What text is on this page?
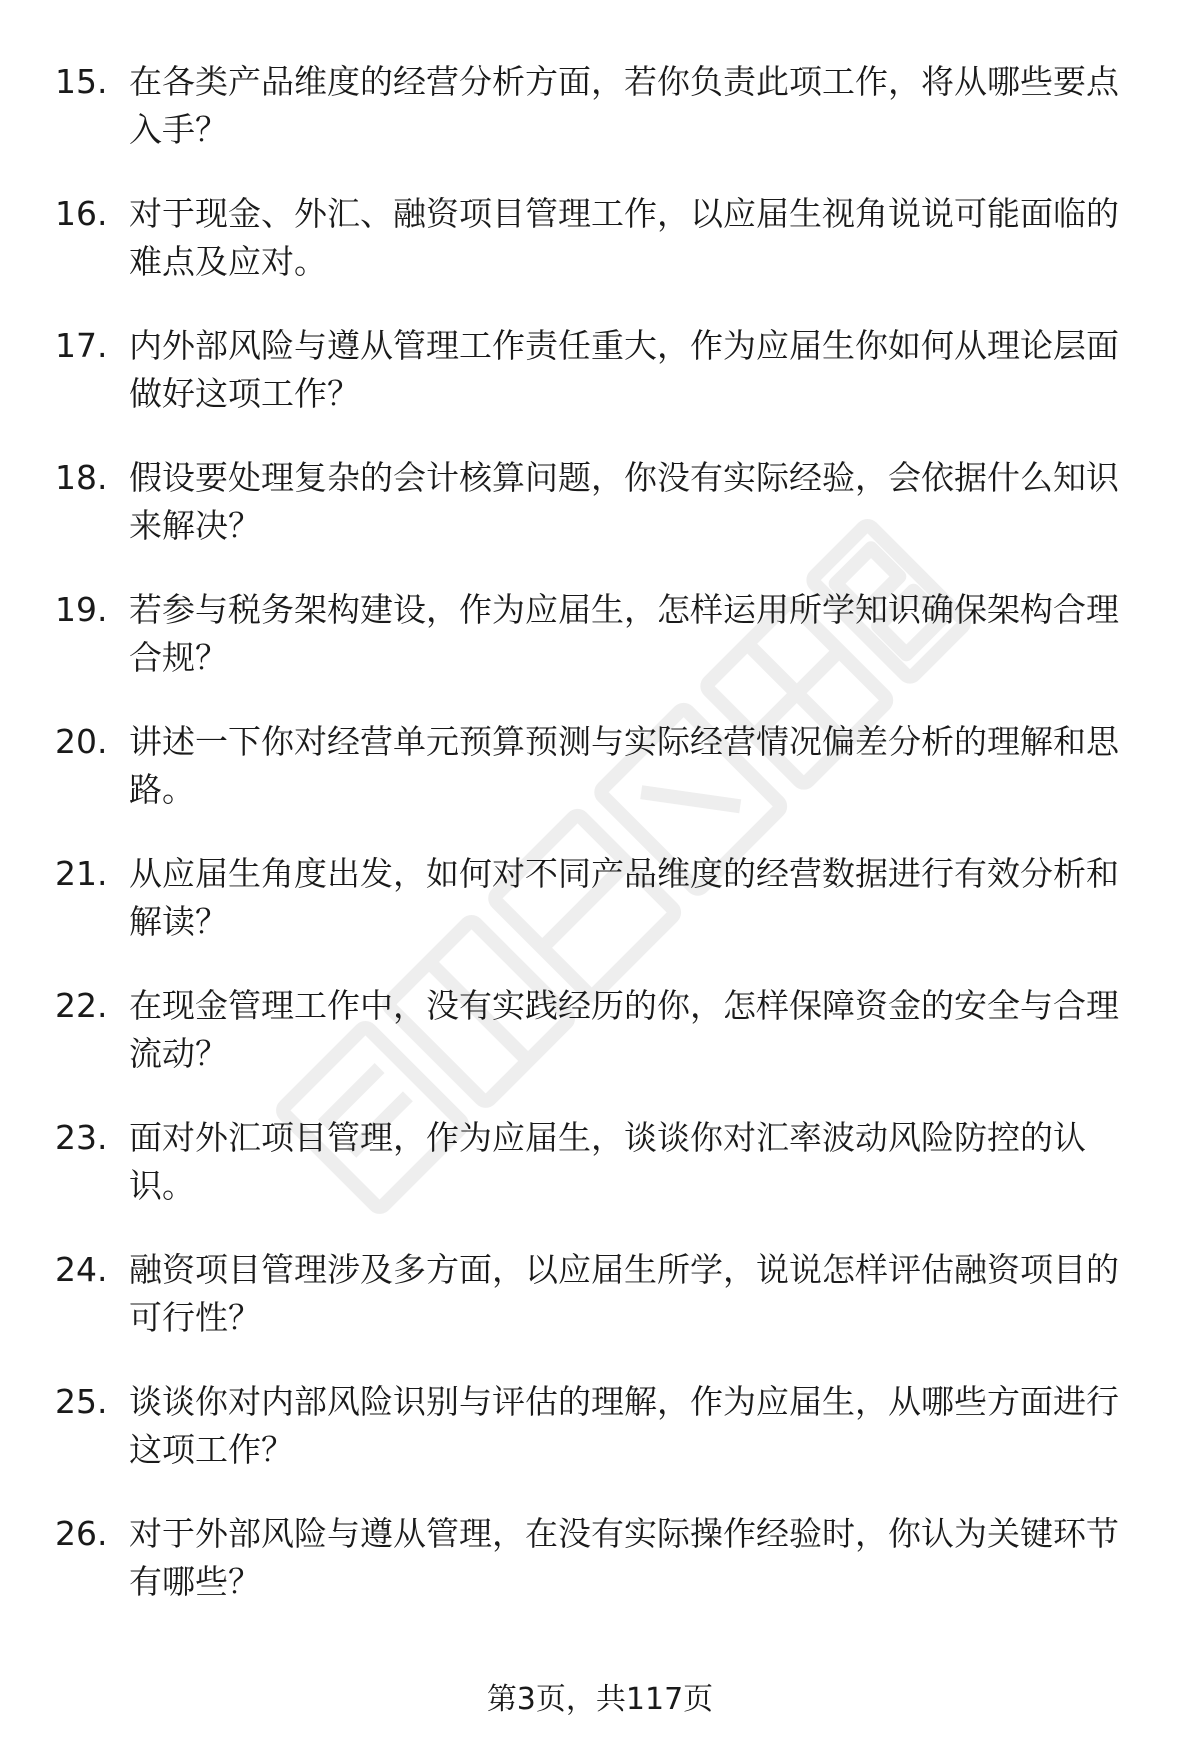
15. 在各类产品维度的经营分析方面，若你负责此项工作，将从哪些要点入手？
16. 对于现金、外汇、融资项目管理工作，以应届生视角说说可能面临的难点及应对。
17. 内外部风险与遵从管理工作责任重大，作为应届生你如何从理论层面做好这项工作？
18. 假设要处理复杂的会计核算问题，你没有实际经验，会依据什么知识来解决？
19. 若参与税务架构建设，作为应届生，怎样运用所学知识确保架构合理合规？
20. 讲述一下你对经营单元预算预测与实际经营情况偏差分析的理解和思路。
21. 从应届生角度出发，如何对不同产品维度的经营数据进行有效分析和解读？
22. 在现金管理工作中，没有实践经历的你，怎样保障资金的安全与合理流动？
23. 面对外汇项目管理，作为应届生，谈谈你对汇率波动风险防控的认识。
24. 融资项目管理涉及多方面，以应届生所学，说说怎样评估融资项目的可行性？
25. 谈谈你对内部风险识别与评估的理解，作为应届生，从哪些方面进行这项工作？
26. 对于外部风险与遵从管理，在没有实际操作经验时，你认为关键环节有哪些？
第3页，共117页
